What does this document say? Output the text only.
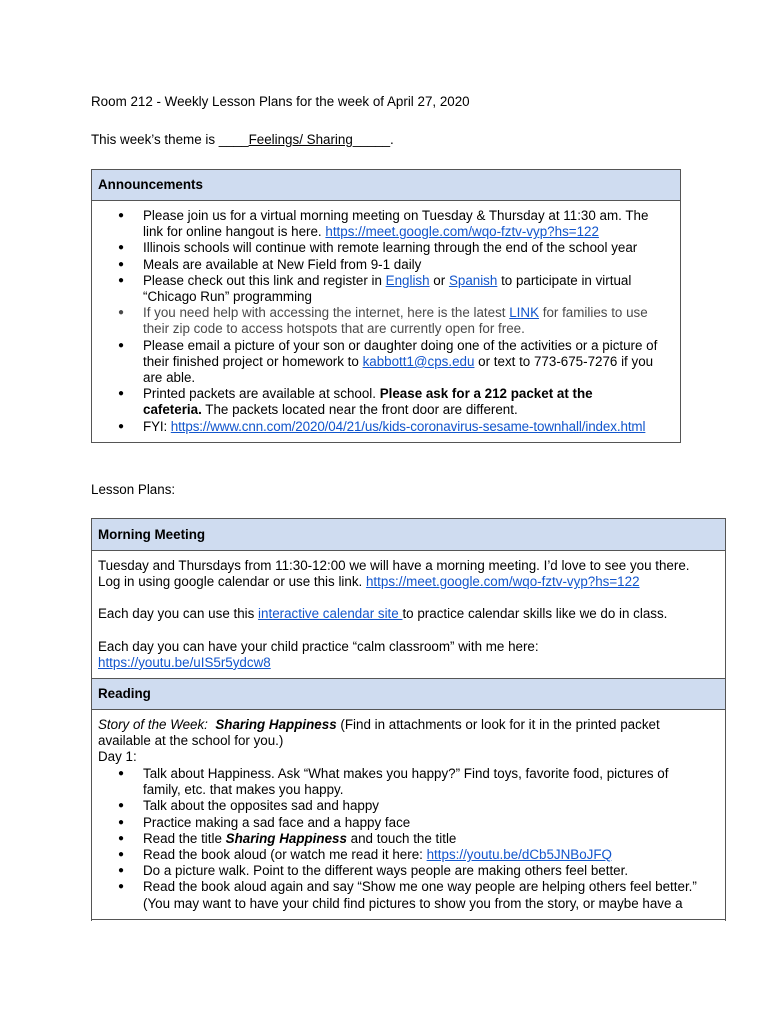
Room 212 - Weekly Lesson Plans for the week of April 27, 2020
This week’s theme is ____Feelings/ Sharing_____.
Announcements
● Please join us for a virtual morning meeting on Tuesday & Thursday at 11:30 am. The link for online hangout is here. https://meet.google.com/wqo-fztv-vyp?hs=122
● Illinois schools will continue with remote learning through the end of the school year
● Meals are available at New Field from 9-1 daily
● Please check out this link and register in English or Spanish to participate in virtual “Chicago Run” programming
● If you need help with accessing the internet, here is the latest LINK for families to use their zip code to access hotspots that are currently open for free.
● Please email a picture of your son or daughter doing one of the activities or a picture of their finished project or homework to kabbott1@cps.edu or text to 773-675-7276 if you are able.
● Printed packets are available at school. Please ask for a 212 packet at the cafeteria. The packets located near the front door are different.
● FYI: https://www.cnn.com/2020/04/21/us/kids-coronavirus-sesame-townhall/index.html
Lesson Plans:
Morning Meeting
Tuesday and Thursdays from 11:30-12:00 we will have a morning meeting. I’d love to see you there.
Log in using google calendar or use this link. https://meet.google.com/wqo-fztv-vyp?hs=122
Each day you can use this interactive calendar site to practice calendar skills like we do in class.
Each day you can have your child practice “calm classroom” with me here:
https://youtu.be/uIS5r5ydcw8
Reading
Story of the Week: Sharing Happiness (Find in attachments or look for it in the printed packet available at the school for you.)
Day 1:
● Talk about Happiness. Ask “What makes you happy?” Find toys, favorite food, pictures of family, etc. that makes you happy.
● Talk about the opposites sad and happy
● Practice making a sad face and a happy face
● Read the title Sharing Happiness and touch the title
● Read the book aloud (or watch me read it here: https://youtu.be/dCb5JNBoJFQ
● Do a picture walk. Point to the different ways people are making others feel better.
● Read the book aloud again and say “Show me one way people are helping others feel better.” (You may want to have your child find pictures to show you from the story, or maybe have a
